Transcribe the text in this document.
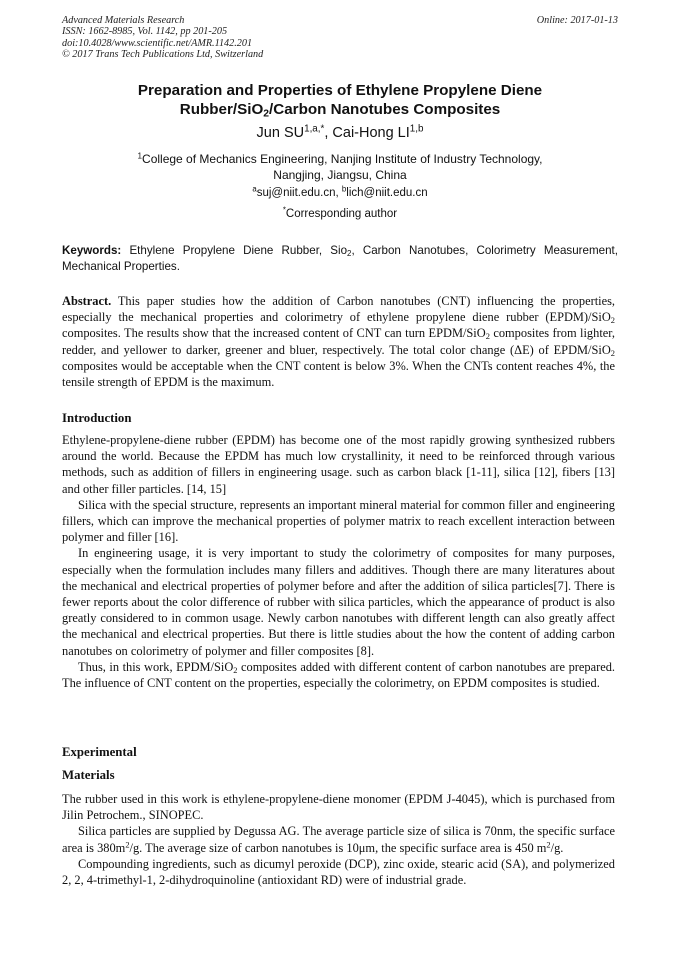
Advanced Materials Research
ISSN: 1662-8985, Vol. 1142, pp 201-205
doi:10.4028/www.scientific.net/AMR.1142.201
© 2017 Trans Tech Publications Ltd, Switzerland
Online: 2017-01-13
Preparation and Properties of Ethylene Propylene Diene
Rubber/SiO$_2$/Carbon Nanotubes Composites
Jun $SU^{1,a,*}$, Cai-Hong LI$^{1,b}$
$^1$College of Mechanics Engineering, Nanjing Institute of Industry Technology,
Nangjing, Jiangsu, China
$^a$suj@niit.edu.cn, $^b$lich@niit.edu.cn
*Corresponding author
Keywords: Ethylene Propylene Diene Rubber, Sio$_2$, Carbon Nanotubes, Colorimetry Measurement, Mechanical Properties.

Abstract. This paper studies how the addition of Carbon nanotubes (CNT) influencing the properties, especially the mechanical properties and colorimetry of ethylene propylene diene rubber (EPDM)/SiO$_2$ composites. The results show that the increased content of CNT can turn EPDM/SiO$_2$ composites from lighter, redder, and yellower to darker, greener and bluer, respectively. The total color change (ΔE) of EPDM/SiO$_2$ composites would be acceptable when the CNT content is below 3%. When the CNTs content reaches 4%, the tensile strength of EPDM is the maximum.

Introduction

Ethylene-propylene-diene rubber (EPDM) has become one of the most rapidly growing synthesized rubbers around the world. Because the EPDM has much low crystallinity, it need to be reinforced through various methods, such as addition of fillers in engineering usage. such as carbon black [1-11], silica [12], fibers [13] and other filler particles. [14, 15]

Silica with the special structure, represents an important mineral material for common filler and engineering fillers, which can improve the mechanical properties of polymer matrix to reach excellent interaction between polymer and filler [16].

In engineering usage, it is very important to study the colorimetry of composites for many purposes, especially when the formulation includes many fillers and additives. Though there are many literatures about the mechanical and electrical properties of polymer before and after the addition of silica particles[7]. There is fewer reports about the color difference of rubber with silica particles, which the appearance of product is also greatly considered to in common usage. Newly carbon nanotubes with different length can also greatly affect the mechanical and electrical properties. But there is little studies about the how the content of adding carbon nanotubes on colorimetry of polymer and filler composites [8].

Thus, in this work, EPDM/SiO$_2$ composites added with different content of carbon nanotubes are prepared. The influence of CNT content on the properties, especially the colorimetry, on EPDM composites is studied.

Experimental
Materials

The rubber used in this work is ethylene-propylene-diene monomer (EPDM J-4045), which is purchased from Jilin Petrochem., SINOPEC.

Silica particles are supplied by Degussa AG. The average particle size of silica is 70nm, the specific surface area is $380m^2/g$. The average size of carbon nanotubes is 10μm, the specific surface area is 450 $m^2/g$.

Compounding ingredients, such as dicumyl peroxide (DCP), zinc oxide, stearic acid (SA), and polymerized 2, 2, 4-trimethyl-1, 2-dihydroquinoline (antioxidant RD) were of industrial grade.
